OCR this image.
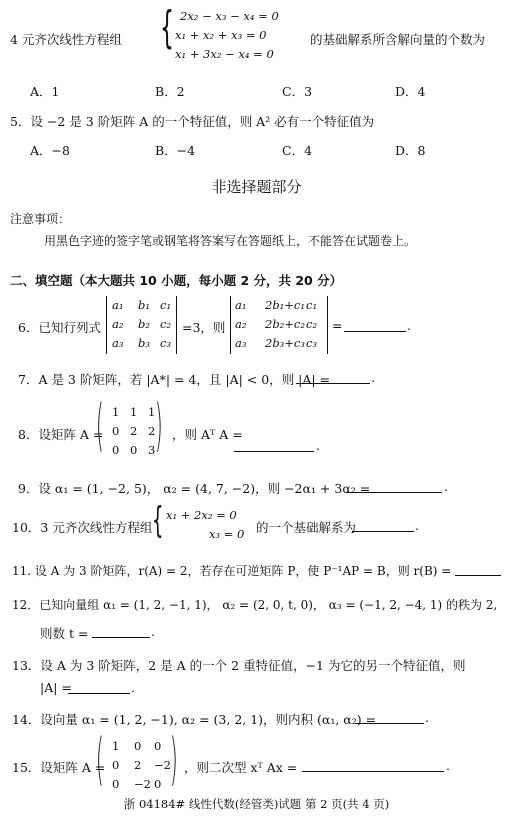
4 元齐次线性方程组 { 2x₂ − x₃ − x₄ = 0
x₁ + x₂ + x₃ = 0
x₁ + 3x₂ − x₄ = 0
的基础解系所含解向量的个数为
A．1	B．2	C．3	D．4
5．设 −2 是 3 阶矩阵 A 的一个特征值，则 A² 必有一个特征值为
A．−8	B．−4	C．4	D．8
非选择题部分
注意事项：
用黑色字迹的签字笔或钢笔将答案写在答题纸上，不能答在试题卷上。
二、填空题（本大题共 10 小题，每小题 2 分，共 20 分）
6．已知行列式
a₁ b₁ c₁
a₂ b₂ c₂
a₃ b₃ c₃
=3，则
a₁ 2b₁+c₁ c₁
a₂ 2b₂+c₂ c₂
a₃ 2b₃+c₃ c₃
=	.
7．A 是 3 阶矩阵，若 |A*| = 4，且 |A| < 0，则 |A| =	.
8．设矩阵 A =
( )
1 1 1
0 2 2
0 0 3
，则 Aᵀ A =
.
9．设 α₁ = (1, −2, 5)， α₂ = (4, 7, −2)，则 −2α₁ + 3α₂ =	.
10．3 元齐次线性方程组 { x₁ + 2x₂ = 0
x₃ = 0 的一个基础解系为	.
11. 设 A 为 3 阶矩阵，r(A) = 2，若存在可逆矩阵 P，使 P⁻¹AP = B，则 r(B) =
12．已知向量组 α₁ = (1, 2, −1, 1)， α₂ = (2, 0, t, 0)， α₃ = (−1, 2, −4, 1) 的秩为 2,
则数 t =	.
13．设 A 为 3 阶矩阵，2 是 A 的一个 2 重特征值，−1 为它的另一个特征值，则
|A| =	.
14．设向量 α₁ = (1, 2, −1), α₂ = (3, 2, 1)，则内积 (α₁, α₂) =	.
15．设矩阵 A =
( )
1 0 0
0 2 −2
0 −2 0
，则二次型 xᵀ Ax =	.
浙 04184# 线性代数(经管类)试题 第 2 页(共 4 页)
